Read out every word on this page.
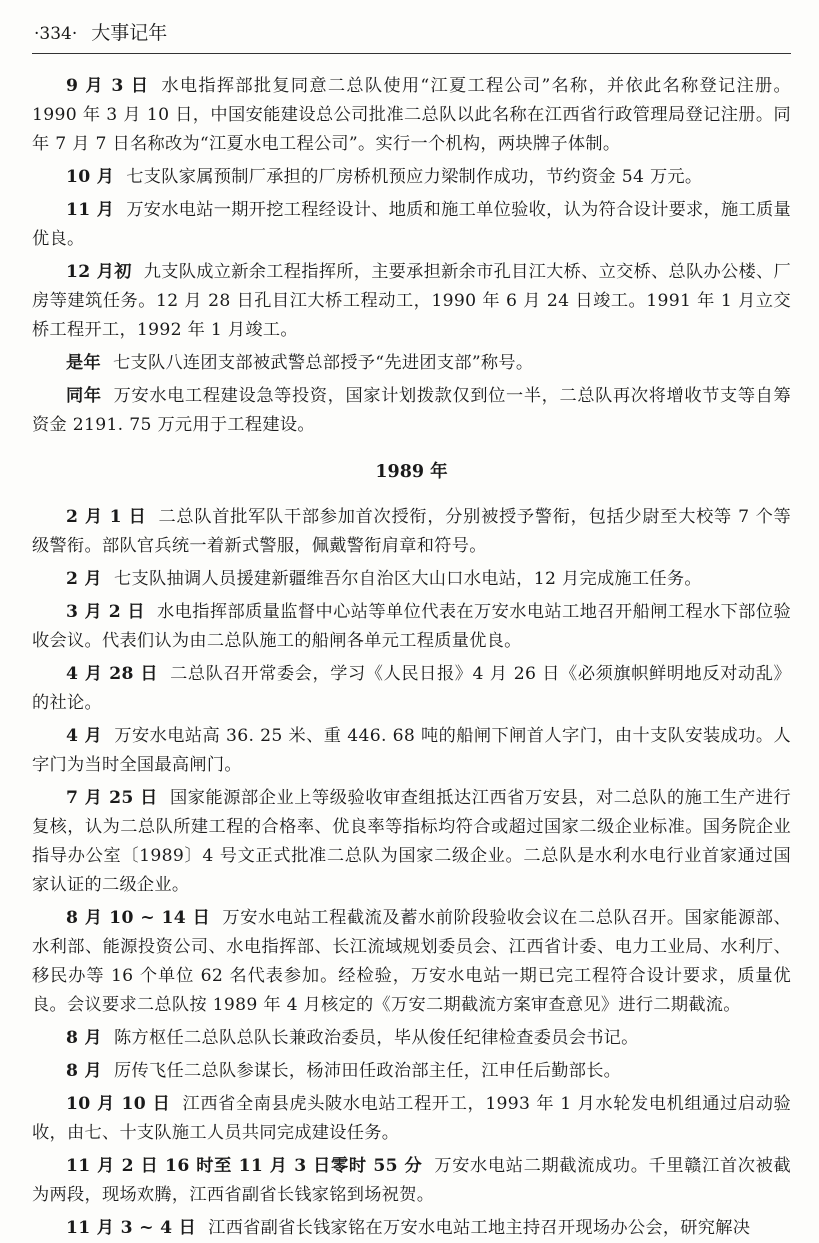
·334· 大事记年

9 月 3 日 水电指挥部批复同意二总队使用“江夏工程公司”名称，并依此名称登记注册。1990 年 3 月 10 日，中国安能建设总公司批准二总队以此名称在江西省行政管理局登记注册。同年 7 月 7 日名称改为“江夏水电工程公司”。实行一个机构，两块牌子体制。

10 月 七支队家属预制厂承担的厂房桥机预应力梁制作成功，节约资金 54 万元。

11 月 万安水电站一期开挖工程经设计、地质和施工单位验收，认为符合设计要求，施工质量优良。

12 月初 九支队成立新余工程指挥所，主要承担新余市孔目江大桥、立交桥、总队办公楼、厂房等建筑任务。12 月 28 日孔目江大桥工程动工，1990 年 6 月 24 日竣工。1991 年 1 月立交桥工程开工，1992 年 1 月竣工。

是年 七支队八连团支部被武警总部授予“先进团支部”称号。

同年 万安水电工程建设急等投资，国家计划拨款仅到位一半，二总队再次将增收节支等自筹资金 2191. 75 万元用于工程建设。

1989 年

2 月 1 日 二总队首批军队干部参加首次授衔，分别被授予警衔，包括少尉至大校等 7 个等级警衔。部队官兵统一着新式警服，佩戴警衔肩章和符号。

2 月 七支队抽调人员援建新疆维吾尔自治区大山口水电站，12 月完成施工任务。

3 月 2 日 水电指挥部质量监督中心站等单位代表在万安水电站工地召开船闸工程水下部位验收会议。代表们认为由二总队施工的船闸各单元工程质量优良。

4 月 28 日 二总队召开常委会，学习《人民日报》4 月 26 日《必须旗帜鲜明地反对动乱》的社论。

4 月 万安水电站高 36. 25 米、重 446. 68 吨的船闸下闸首人字门，由十支队安装成功。人字门为当时全国最高闸门。

7 月 25 日 国家能源部企业上等级验收审查组抵达江西省万安县，对二总队的施工生产进行复核，认为二总队所建工程的合格率、优良率等指标均符合或超过国家二级企业标准。国务院企业指导办公室〔1989〕4 号文正式批准二总队为国家二级企业。二总队是水利水电行业首家通过国家认证的二级企业。

8 月 10 ~ 14 日 万安水电站工程截流及蓄水前阶段验收会议在二总队召开。国家能源部、水利部、能源投资公司、水电指挥部、长江流域规划委员会、江西省计委、电力工业局、水利厅、移民办等 16 个单位 62 名代表参加。经检验，万安水电站一期已完工程符合设计要求，质量优良。会议要求二总队按 1989 年 4 月核定的《万安二期截流方案审查意见》进行二期截流。

8 月 陈方枢任二总队总队长兼政治委员，毕从俊任纪律检查委员会书记。

8 月 厉传飞任二总队参谋长，杨沛田任政治部主任，江申任后勤部长。

10 月 10 日 江西省全南县虎头陂水电站工程开工，1993 年 1 月水轮发电机组通过启动验收，由七、十支队施工人员共同完成建设任务。

11 月 2 日 16 时至 11 月 3 日零时 55 分 万安水电站二期截流成功。千里赣江首次被截为两段，现场欢腾，江西省副省长钱家铭到场祝贺。

11 月 3 ~ 4 日 江西省副省长钱家铭在万安水电站工地主持召开现场办公会，研究解决
